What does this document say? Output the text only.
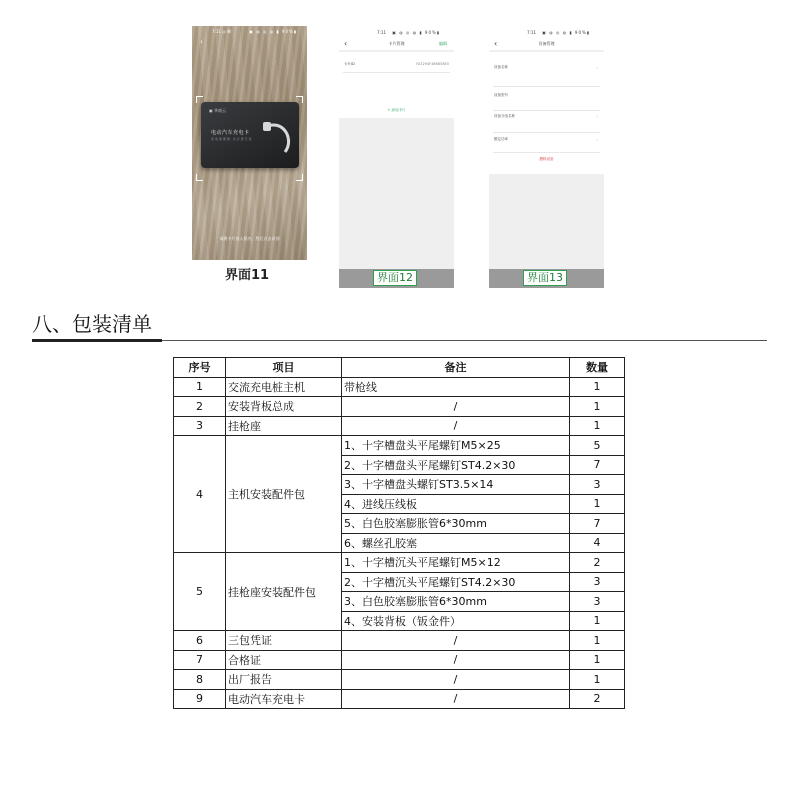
7:11 ◎ 啊	▣ ◍ ◎ ◍ ▮ 90%▮
‹
▣ 华商云
电动汽车充电卡
充 电 更 便 捷 · 出 行 更 无 忧
请将卡片放入框内，然后点击识别
界面11
7:11 ▣ ◍ ◎ ◍ ▮ 90%▮
‹	卡片管理	编辑
卡片ID	FA3294F486658E0
+ 添加卡片
界面12
7:11 ▣ ◍ ◎ ◍ ▮ 90%▮
‹	设备管理
设备名称	›
设备型号
设备分组名称	›
额定功率	›
删除设备
界面13
八、包装清单
序号	项目	备注	数量
1	交流充电桩主机	带枪线	1
2	安装背板总成	/	1
3	挂枪座	/	1
4	主机安装配件包	1、十字槽盘头平尾螺钉M5×25	5
		2、十字槽盘头平尾螺钉ST4.2×30	7
		3、十字槽盘头螺钉ST3.5×14	3
		4、进线压线板	1
		5、白色胶塞膨胀管6*30mm	7
		6、螺丝孔胶塞	4
5	挂枪座安装配件包	1、十字槽沉头平尾螺钉M5×12	2
		2、十字槽沉头平尾螺钉ST4.2×30	3
		3、白色胶塞膨胀管6*30mm	3
		4、安装背板（钣金件）	1
6	三包凭证	/	1
7	合格证	/	1
8	出厂报告	/	1
9	电动汽车充电卡	/	2
